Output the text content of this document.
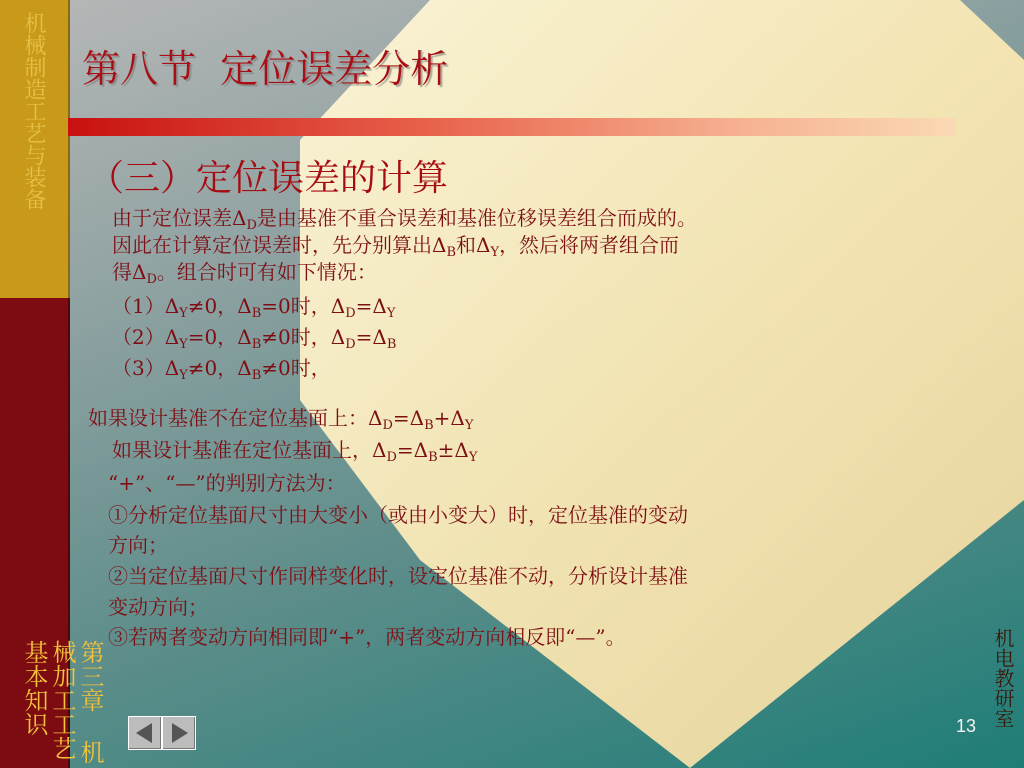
机械制造工艺与装备
第三章 机械加工工艺基本知识
第八节  定位误差分析
（三）定位误差的计算
由于定位误差$\Delta_D$是由基准不重合误差和基准位移误差组合而成的。
因此在计算定位误差时，先分别算出$\Delta_B$和$\Delta_Y$，然后将两者组合而
得$\Delta_D$。组合时可有如下情况：
$(1)\Delta_Y\ne 0$，$\Delta_B=0$时，$\Delta_D=\Delta_Y$
$(2)\Delta_Y=0$，$\Delta_B\ne 0$时，$\Delta_D=\Delta_B$
$(3)\Delta_Y\ne 0$，$\Delta_B\ne 0$时，
如果设计基准不在定位基面上：$\Delta_D=\Delta_B+\Delta_Y$
如果设计基准在定位基面上，$\Delta_D=\Delta_B\pm\Delta_Y$
“+”、“—”的判别方法为：
①分析定位基面尺寸由大变小（或由小变大）时，定位基准的变动
方向；
②当定位基面尺寸作同样变化时，设定位基准不动，分析设计基准
变动方向；
③若两者变动方向相同即“+”，两者变动方向相反即“—”。	机电教研室
13
